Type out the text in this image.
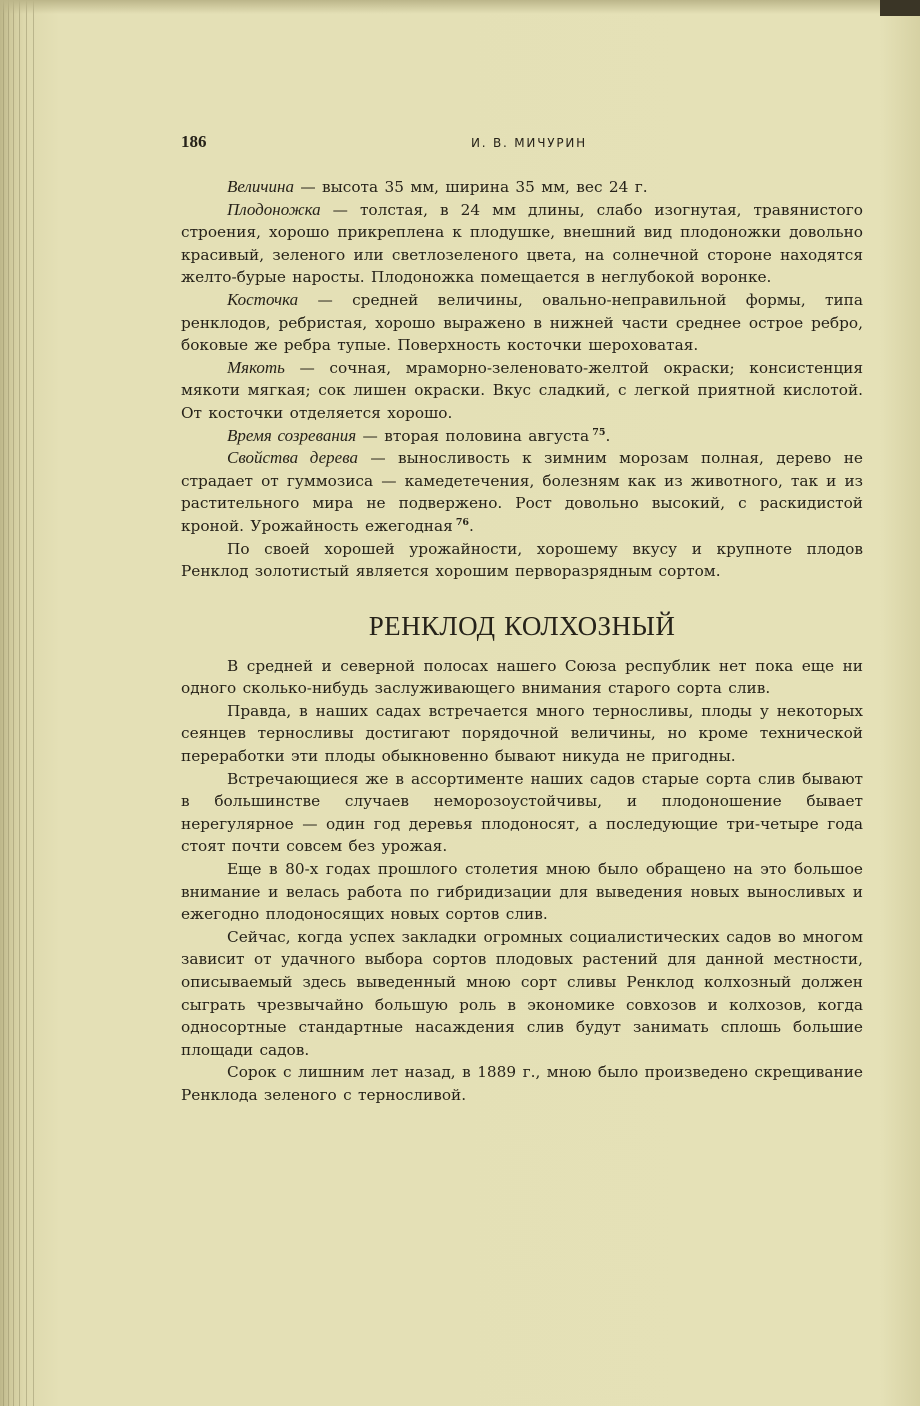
186	И. В. МИЧУРИН

Величина — высота 35 мм, ширина 35 мм, вес 24 г.

Плодоножка — толстая, в 24 мм длины, слабо изогнутая, травянистого строения, хорошо прикреплена к плодушке, внешний вид плодоножки довольно красивый, зеленого или светлозеленого цвета, на солнечной стороне находятся желто-бурые наросты. Плодоножка помещается в неглубокой воронке.

Косточка — средней величины, овально-неправильной формы, типа ренклодов, ребристая, хорошо выражено в нижней части среднее острое ребро, боковые же ребра тупые. Поверхность косточки шероховатая.

Мякоть — сочная, мраморно-зеленовато-желтой окраски; консистенция мякоти мягкая; сок лишен окраски. Вкус сладкий, с легкой приятной кислотой. От косточки отделяется хорошо.

Время созревания — вторая половина августа  $^{75}$.

Свойства дерева — выносливость к зимним морозам полная, дерево не страдает от гуммозиса — камедетечения, болезням как из животного, так и из растительного мира не подвержено. Рост довольно высокий, с раскидистой кроной. Урожайность ежегодная  $^{76}$.

По своей хорошей урожайности, хорошему вкусу и крупноте плодов Ренклод золотистый является хорошим перворазрядным сортом.

РЕНКЛОД КОЛХОЗНЫЙ

В средней и северной полосах нашего Союза республик нет пока еще ни одного сколько-нибудь заслуживающего внимания старого сорта слив.

Правда, в наших садах встречается много терносливы, плоды у некоторых сеянцев терносливы достигают порядочной величины, но кроме технической переработки эти плоды обыкновенно бывают никуда не пригодны.

Встречающиеся же в ассортименте наших садов старые сорта слив бывают в большинстве случаев неморозоустойчивы, и плодоношение бывает нерегулярное — один год деревья плодоносят, а последующие три-четыре года стоят почти совсем без урожая.

Еще в 80-х годах прошлого столетия мною было обращено на это большое внимание и велась работа по гибридизации для выведения новых выносливых и ежегодно плодоносящих новых сортов слив.

Сейчас, когда успех закладки огромных социалистических садов во многом зависит от удачного выбора сортов плодовых растений для данной местности, описываемый здесь выведенный мною сорт сливы Ренклод колхозный должен сыграть чрезвычайно большую роль в экономике совхозов и колхозов, когда односортные стандартные насаждения слив будут занимать сплошь большие площади садов.

Сорок с лишним лет назад, в 1889 г., мною было произведено скрещивание Ренклода зеленого с терносливой.
